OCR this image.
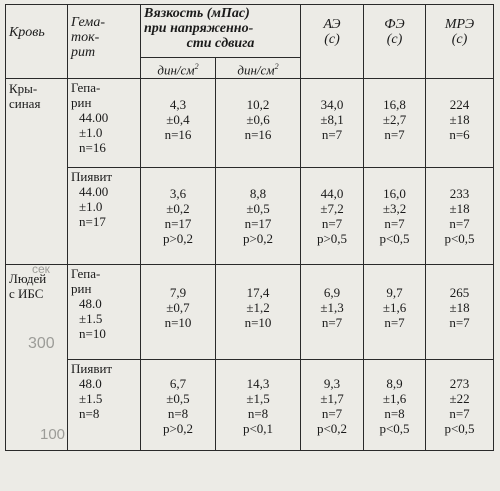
300
100
сек
Кровь	Гема-
ток-
рит	Вязкость (мПас)
при напряженно-
сти сдвига		АЭ
(с)	ФЭ
(с)	МРЭ
(с)

		дин/$см^2$	дин/$см^2$

Кры-
синая	Гепа-
рин
44.00
±1.0
n=16	4,3
±0,4
n=16	10,2
±0,6
n=16	34,0
±8,1
n=7	16,8
±2,7
n=7	224
±18
n=6

	Пиявит
44.00
±1.0
n=17	3,6
±0,2
n=17
p>0,2	8,8
±0,5
n=17
p>0,2	44,0
±7,2
n=7
p>0,5	16,0
±3,2
n=7
p<0,5	233
±18
n=7
p<0,5

Людей
с ИБС	Гепа-
рин
48.0
±1.5
n=10	7,9
±0,7
n=10	17,4
±1,2
n=10	6,9
±1,3
n=7	9,7
±1,6
n=7	265
±18
n=7

	Пиявит
48.0
±1.5
n=8	6,7
±0,5
n=8
p>0,2	14,3
±1,5
n=8
p<0,1	9,3
±1,7
n=7
p<0,2	8,9
±1,6
n=8
p<0,5	273
±22
n=7
p<0,5
